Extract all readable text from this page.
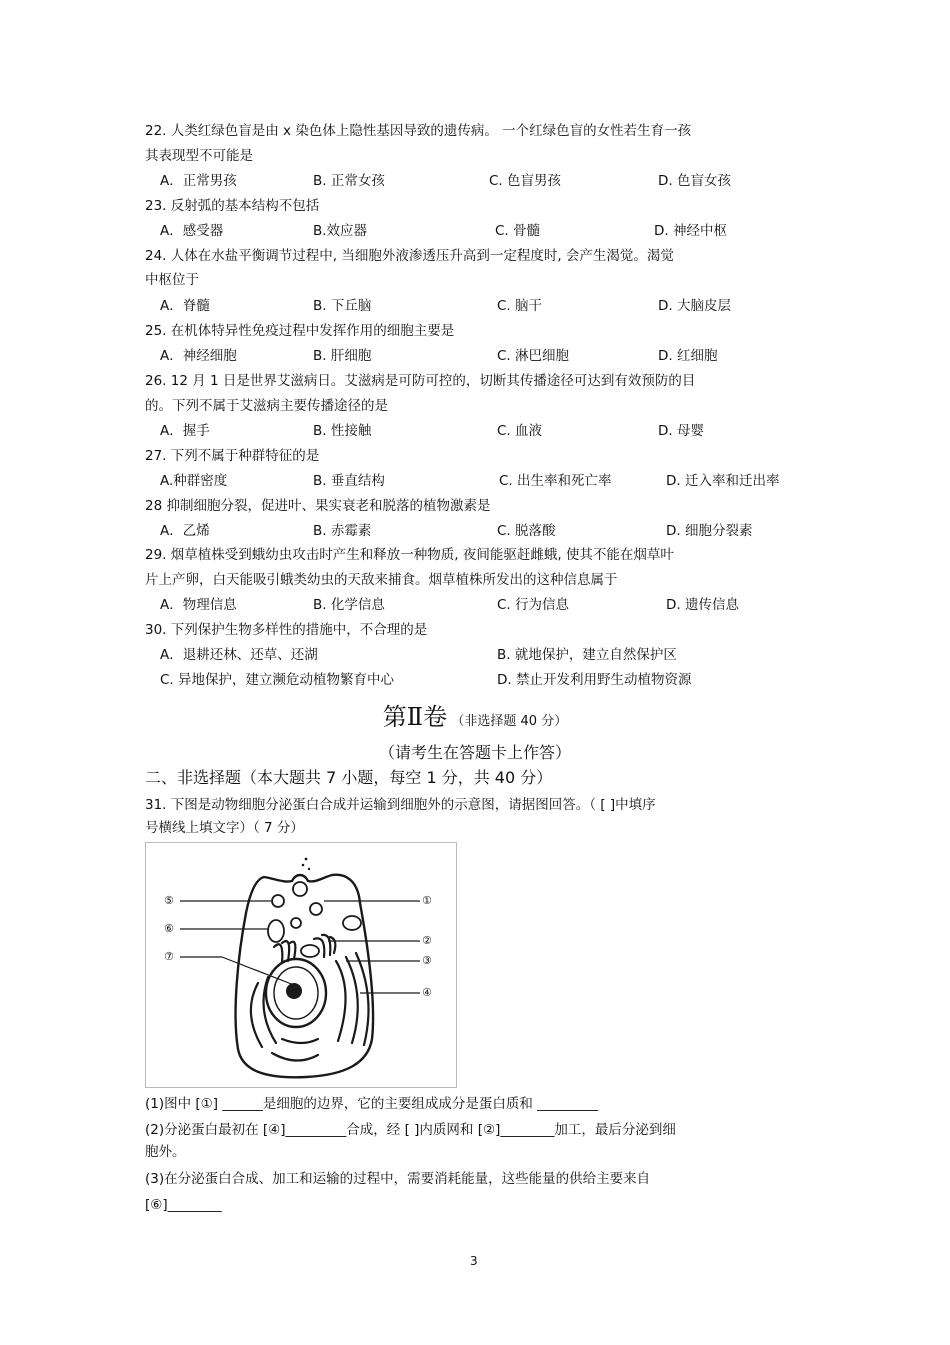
22. 人类红绿色盲是由 x 染色体上隐性基因导致的遗传病。 一个红绿色盲的女性若生育一孩
其表现型不可能是
A．正常男孩	B. 正常女孩	C. 色盲男孩	D. 色盲女孩
23. 反射弧的基本结构不包括
A．感受器	B.效应器	C. 骨髓	D. 神经中枢
24. 人体在水盐平衡调节过程中, 当细胞外液渗透压升高到一定程度时, 会产生渴觉。渴觉
中枢位于
A．脊髓	B. 下丘脑	C. 脑干	D. 大脑皮层
25. 在机体特异性免疫过程中发挥作用的细胞主要是
A．神经细胞	B. 肝细胞	C. 淋巴细胞	D. 红细胞
26. 12 月 1 日是世界艾滋病日。艾滋病是可防可控的，切断其传播途径可达到有效预防的目
的。下列不属于艾滋病主要传播途径的是
A．握手	B. 性接触	C. 血液	D. 母婴
27. 下列不属于种群特征的是
A.种群密度	B. 垂直结构	C. 出生率和死亡率	D. 迁入率和迁出率
28 抑制细胞分裂，促进叶、果实衰老和脱落的植物激素是
A．乙烯	B. 赤霉素	C. 脱落酸	D. 细胞分裂素
29. 烟草植株受到蛾幼虫攻击时产生和释放一种物质, 夜间能驱赶雌蛾, 使其不能在烟草叶
片上产卵，白天能吸引蛾类幼虫的天敌来捕食。烟草植株所发出的这种信息属于
A．物理信息	B. 化学信息	C. 行为信息	D. 遗传信息
30. 下列保护生物多样性的措施中，不合理的是
A．退耕还林、还草、还湖	B. 就地保护，建立自然保护区
C. 异地保护，建立濒危动植物繁育中心	D. 禁止开发利用野生动植物资源
第Ⅱ卷 （非选择题 40 分）
（请考生在答题卡上作答）
二、非选择题（本大题共 7 小题，每空 1 分，共 40 分）
31. 下图是动物细胞分泌蛋白合成并运输到细胞外的示意图，请据图回答。（ [ ]中填序
号横线上填文字）（ 7 分）
⑤
⑥
⑦
①
②
③
④
(1)图中 [①] ______是细胞的边界，它的主要组成成分是蛋白质和 _________
(2)分泌蛋白最初在 [④]_________合成，经 [ ]内质网和 [②]________加工，最后分泌到细
胞外。
(3)在分泌蛋白合成、加工和运输的过程中，需要消耗能量，这些能量的供给主要来自
[⑥]________
3
